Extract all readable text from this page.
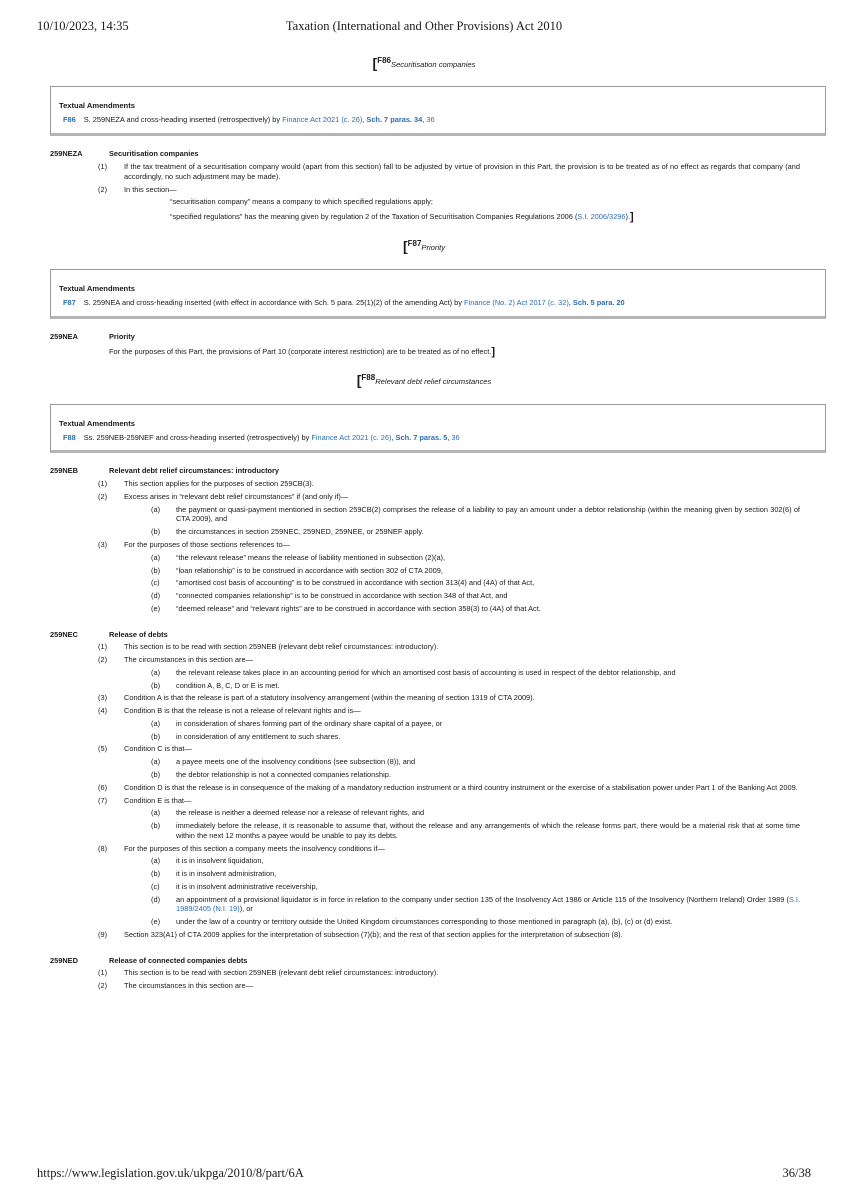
10/10/2023, 14:35	Taxation (International and Other Provisions) Act 2010
[F86Securitisation companies
Textual Amendments
F86 S. 259NEZA and cross-heading inserted (retrospectively) by Finance Act 2021 (c. 26), Sch. 7 paras. 34, 36
259NEZA	Securitisation companies
(1) If the tax treatment of a securitisation company would (apart from this section) fall to be adjusted by virtue of provision in this Part, the provision is to be treated as of no effect as regards that company (and accordingly, no such adjustment may be made).
(2) In this section—
“securitisation company” means a company to which specified regulations apply;
“specified regulations” has the meaning given by regulation 2 of the Taxation of Securitisation Companies Regulations 2006 (S.I. 2006/3296).]
[F87Priority
Textual Amendments
F87 S. 259NEA and cross-heading inserted (with effect in accordance with Sch. 5 para. 25(1)(2) of the amending Act) by Finance (No. 2) Act 2017 (c. 32), Sch. 5 para. 20
259NEA	Priority
For the purposes of this Part, the provisions of Part 10 (corporate interest restriction) are to be treated as of no effect.]
[F88Relevant debt relief circumstances
Textual Amendments
F88 Ss. 259NEB-259NEF and cross-heading inserted (retrospectively) by Finance Act 2021 (c. 26), Sch. 7 paras. 5, 36
259NEB	Relevant debt relief circumstances: introductory
(1) This section applies for the purposes of section 259CB(3).
(2) Excess arises in “relevant debt relief circumstances” if (and only if)—
(a) the payment or quasi-payment mentioned in section 259CB(2) comprises the release of a liability to pay an amount under a debtor relationship (within the meaning given by section 302(6) of CTA 2009), and
(b) the circumstances in section 259NEC, 259NED, 259NEE, or 259NEF apply.
(3) For the purposes of those sections references to—
(a) “the relevant release” means the release of liability mentioned in subsection (2)(a),
(b) “loan relationship” is to be construed in accordance with section 302 of CTA 2009,
(c) “amortised cost basis of accounting” is to be construed in accordance with section 313(4) and (4A) of that Act,
(d) “connected companies relationship” is to be construed in accordance with section 348 of that Act, and
(e) “deemed release” and “relevant rights” are to be construed in accordance with section 358(3) to (4A) of that Act.
259NEC	Release of debts
(1) This section is to be read with section 259NEB (relevant debt relief circumstances: introductory).
(2) The circumstances in this section are—
(a) the relevant release takes place in an accounting period for which an amortised cost basis of accounting is used in respect of the debtor relationship, and
(b) condition A, B, C, D or E is met.
(3) Condition A is that the release is part of a statutory insolvency arrangement (within the meaning of section 1319 of CTA 2009).
(4) Condition B is that the release is not a release of relevant rights and is—
(a) in consideration of shares forming part of the ordinary share capital of a payee, or
(b) in consideration of any entitlement to such shares.
(5) Condition C is that—
(a) a payee meets one of the insolvency conditions (see subsection (8)), and
(b) the debtor relationship is not a connected companies relationship.
(6) Condition D is that the release is in consequence of the making of a mandatory reduction instrument or a third country instrument or the exercise of a stabilisation power under Part 1 of the Banking Act 2009.
(7) Condition E is that—
(a) the release is neither a deemed release nor a release of relevant rights, and
(b) immediately before the release, it is reasonable to assume that, without the release and any arrangements of which the release forms part, there would be a material risk that at some time within the next 12 months a payee would be unable to pay its debts.
(8) For the purposes of this section a company meets the insolvency conditions if—
(a) it is in insolvent liquidation,
(b) it is in insolvent administration,
(c) it is in insolvent administrative receivership,
(d) an appointment of a provisional liquidator is in force in relation to the company under section 135 of the Insolvency Act 1986 or Article 115 of the Insolvency (Northern Ireland) Order 1989 (S.I. 1989/2405 (N.I. 19)), or
(e) under the law of a country or territory outside the United Kingdom circumstances corresponding to those mentioned in paragraph (a), (b), (c) or (d) exist.
(9) Section 323(A1) of CTA 2009 applies for the interpretation of subsection (7)(b); and the rest of that section applies for the interpretation of subsection (8).
259NED	Release of connected companies debts
(1) This section is to be read with section 259NEB (relevant debt relief circumstances: introductory).
(2) The circumstances in this section are—
https://www.legislation.gov.uk/ukpga/2010/8/part/6A	36/38
